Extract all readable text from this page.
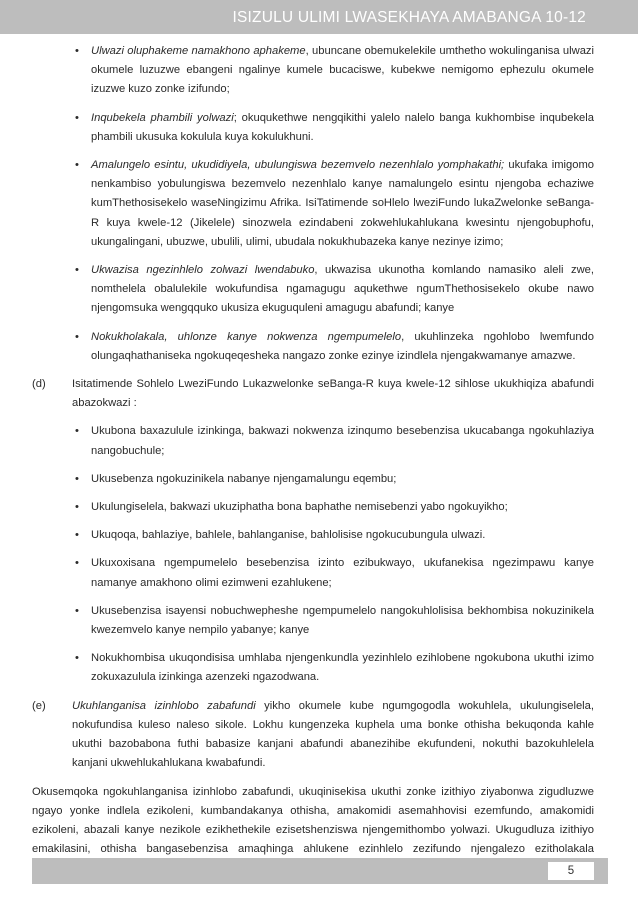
ISIZULU ULIMI LWASEKHAYA AMABANGA 10-12
• Ulwazi oluphakeme namakhono aphakeme, ubuncane obemukelekile umthetho wokulinganisa ulwazi okumele luzuzwe ebangeni ngalinye kumele bucaciswe, kubekwe nemigomo ephezulu okumele izuzwe kuzo zonke izifundo;
• Inqubekela phambili yolwazi; okuqukethwe nengqikithi yalelo nalelo banga kukhombise inqubekela phambili ukusuka kokulula kuya kokulukhuni.
• Amalungelo esintu, ukudidiyela, ubulungiswa bezemvelo nezenhlalo yomphakathi; ukufaka imigomo nenkambiso yobulungiswa bezemvelo nezenhlalo kanye namalungelo esintu njengoba echaziwe kumThethosisekelo waseNingizimu Afrika. IsiTatimende soHlelo lweziFundo lukaZwelonke seBanga-R kuya kwele-12 (Jikelele) sinozwela ezindabeni zokwehlukahlukana kwesintu njengobuphofu, ukungalingani, ubuzwe, ubulili, ulimi, ubudala nokukhubazeka kanye nezinye izimo;
• Ukwazisa ngezinhlelo zolwazi lwendabuko, ukwazisa ukunotha komlando namasiko aleli zwe, nomthelela obalulekile wokufundisa ngamagugu aqukethwe ngumThethosisekelo okube nawo njengomsuka wengqquko ukusiza ekuguquleni amagugu abafundi; kanye
• Nokukholakala, uhlonze kanye nokwenza ngempumelelo, ukuhlinzeka ngohlobo lwemfundo olungaqhathaniseka ngokuqeqesheka nangazo zonke ezinye izindlela njengakwamanye amazwe.
(d) Isitatimende Sohlelo LweziFundo Lukazwelonke seBanga-R kuya kwele-12 sihlose ukukhiqiza abafundi abazokwazi :
• Ukubona baxazulule izinkinga, bakwazi nokwenza izinqumo besebenzisa ukucabanga ngokuhlaziya nangobuchule;
• Ukusebenza ngokuzinikela nabanye njengamalungu eqembu;
• Ukulungiselela, bakwazi ukuziphatha bona baphathe nemisebenzi yabo ngokuyikho;
• Ukuqoqa, bahlaziye, bahlele, bahlanganise, bahlolisise ngokucubungula ulwazi.
• Ukuxoxisana ngempumelelo besebenzisa izinto ezibukwayo, ukufanekisa ngezimpawu kanye namanye amakhono olimi ezimweni ezahlukene;
• Ukusebenzisa isayensi nobuchwepheshe ngempumelelo nangokuhlolisisa bekhombisa nokuzinikela kwezemvelo kanye nempilo yabanye; kanye
• Nokukhombisa ukuqondisisa umhlaba njengenkundla yezinhlelo ezihlobene ngokubona ukuthi izimo zokuxazulula izinkinga azenzeki ngazodwana.
(e) Ukuhlanganisa izinhlobo zabafundi yikho okumele kube ngumgogodla wokuhlela, ukulungiselela, nokufundisa kuleso naleso sikole. Lokhu kungenzeka kuphela uma bonke othisha bekuqonda kahle ukuthi bazobabona futhi babasize kanjani abafundi abanezihibe ekufundeni, nokuthi bazokuhlelela kanjani ukwehlukahlukana kwabafundi.
Okusemqoka ngokuhlanganisa izinhlobo zabafundi, ukuqinisekisa ukuthi zonke izithiyo ziyabonwa zigudluzwe ngayo yonke indlela ezikoleni, kumbandakanya othisha, amakomidi asemahhovisi ezemfundo, amakomidi ezikoleni, abazali kanye nezikole ezikhethekile ezisetshenziswa njengemithombo yolwazi. Ukugudluza izithiyo emakilasini, othisha bangasebenzisa amaqhinga ahlukene ezinhlelo zezifundo njengalezo ezitholakala
5
